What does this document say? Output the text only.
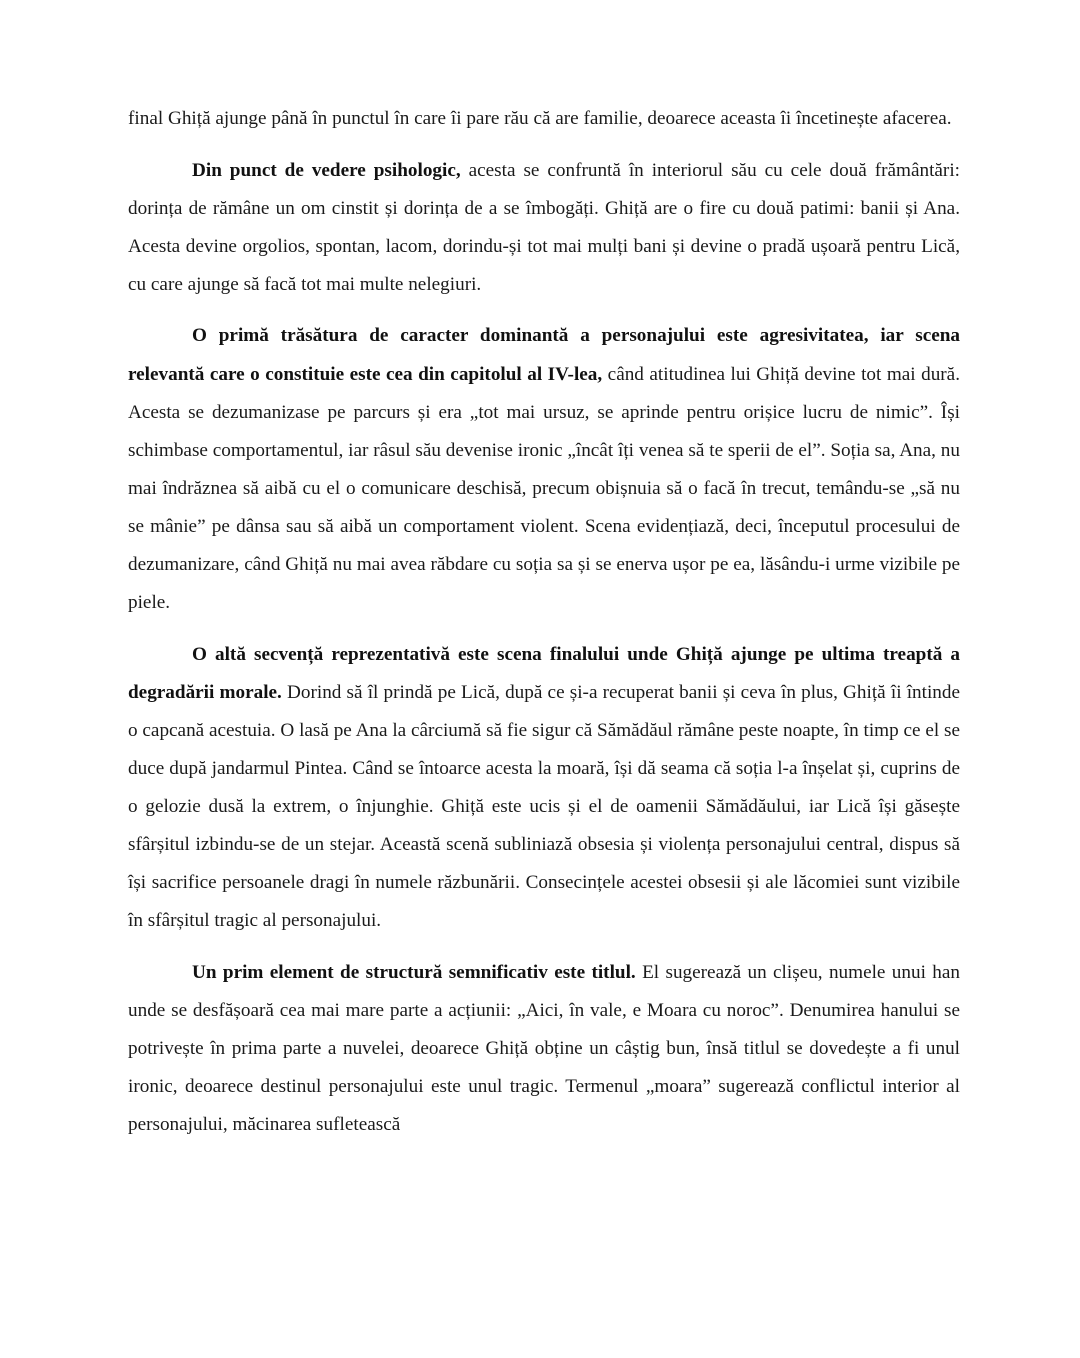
final Ghiță ajunge până în punctul în care îi pare rău că are familie, deoarece aceasta îi încetinește afacerea.

Din punct de vedere psihologic, acesta se confruntă în interiorul său cu cele două frământări: dorința de rămâne un om cinstit și dorința de a se îmbogăți. Ghiță are o fire cu două patimi: banii și Ana. Acesta devine orgolios, spontan, lacom, dorindu-și tot mai mulți bani și devine o pradă ușoară pentru Lică, cu care ajunge să facă tot mai multe nelegiuri.

O primă trăsătura de caracter dominantă a personajului este agresivitatea, iar scena relevantă care o constituie este cea din capitolul al IV-lea, când atitudinea lui Ghiță devine tot mai dură. Acesta se dezumanizase pe parcurs și era „tot mai ursuz, se aprinde pentru orișice lucru de nimic”. Își schimbase comportamentul, iar râsul său devenise ironic „încât îți venea să te sperii de el”. Soția sa, Ana, nu mai îndrăznea să aibă cu el o comunicare deschisă, precum obișnuia să o facă în trecut, temându-se „să nu se mânie” pe dânsa sau să aibă un comportament violent. Scena evidențiază, deci, începutul procesului de dezumanizare, când Ghiță nu mai avea răbdare cu soția sa și se enerva ușor pe ea, lăsându-i urme vizibile pe piele.

O altă secvență reprezentativă este scena finalului unde Ghiță ajunge pe ultima treaptă a degradării morale. Dorind să îl prindă pe Lică, după ce și-a recuperat banii și ceva în plus, Ghiță îi întinde o capcană acestuia. O lasă pe Ana la cârciumă să fie sigur că Sămădăul rămâne peste noapte, în timp ce el se duce după jandarmul Pintea. Când se întoarce acesta la moară, își dă seama că soția l-a înșelat și, cuprins de o gelozie dusă la extrem, o înjunghie. Ghiță este ucis și el de oamenii Sămădăului, iar Lică își găsește sfârșitul izbindu-se de un stejar. Această scenă subliniază obsesia și violența personajului central, dispus să își sacrifice persoanele dragi în numele răzbunării. Consecințele acestei obsesii și ale lăcomiei sunt vizibile în sfârșitul tragic al personajului.

Un prim element de structură semnificativ este titlul. El sugerează un clișeu, numele unui han unde se desfășoară cea mai mare parte a acțiunii: „Aici, în vale, e Moara cu noroc”. Denumirea hanului se potrivește în prima parte a nuvelei, deoarece Ghiță obține un câștig bun, însă titlul se dovedește a fi unul ironic, deoarece destinul personajului este unul tragic. Termenul „moara” sugerează conflictul interior al personajului, măcinarea sufletească
